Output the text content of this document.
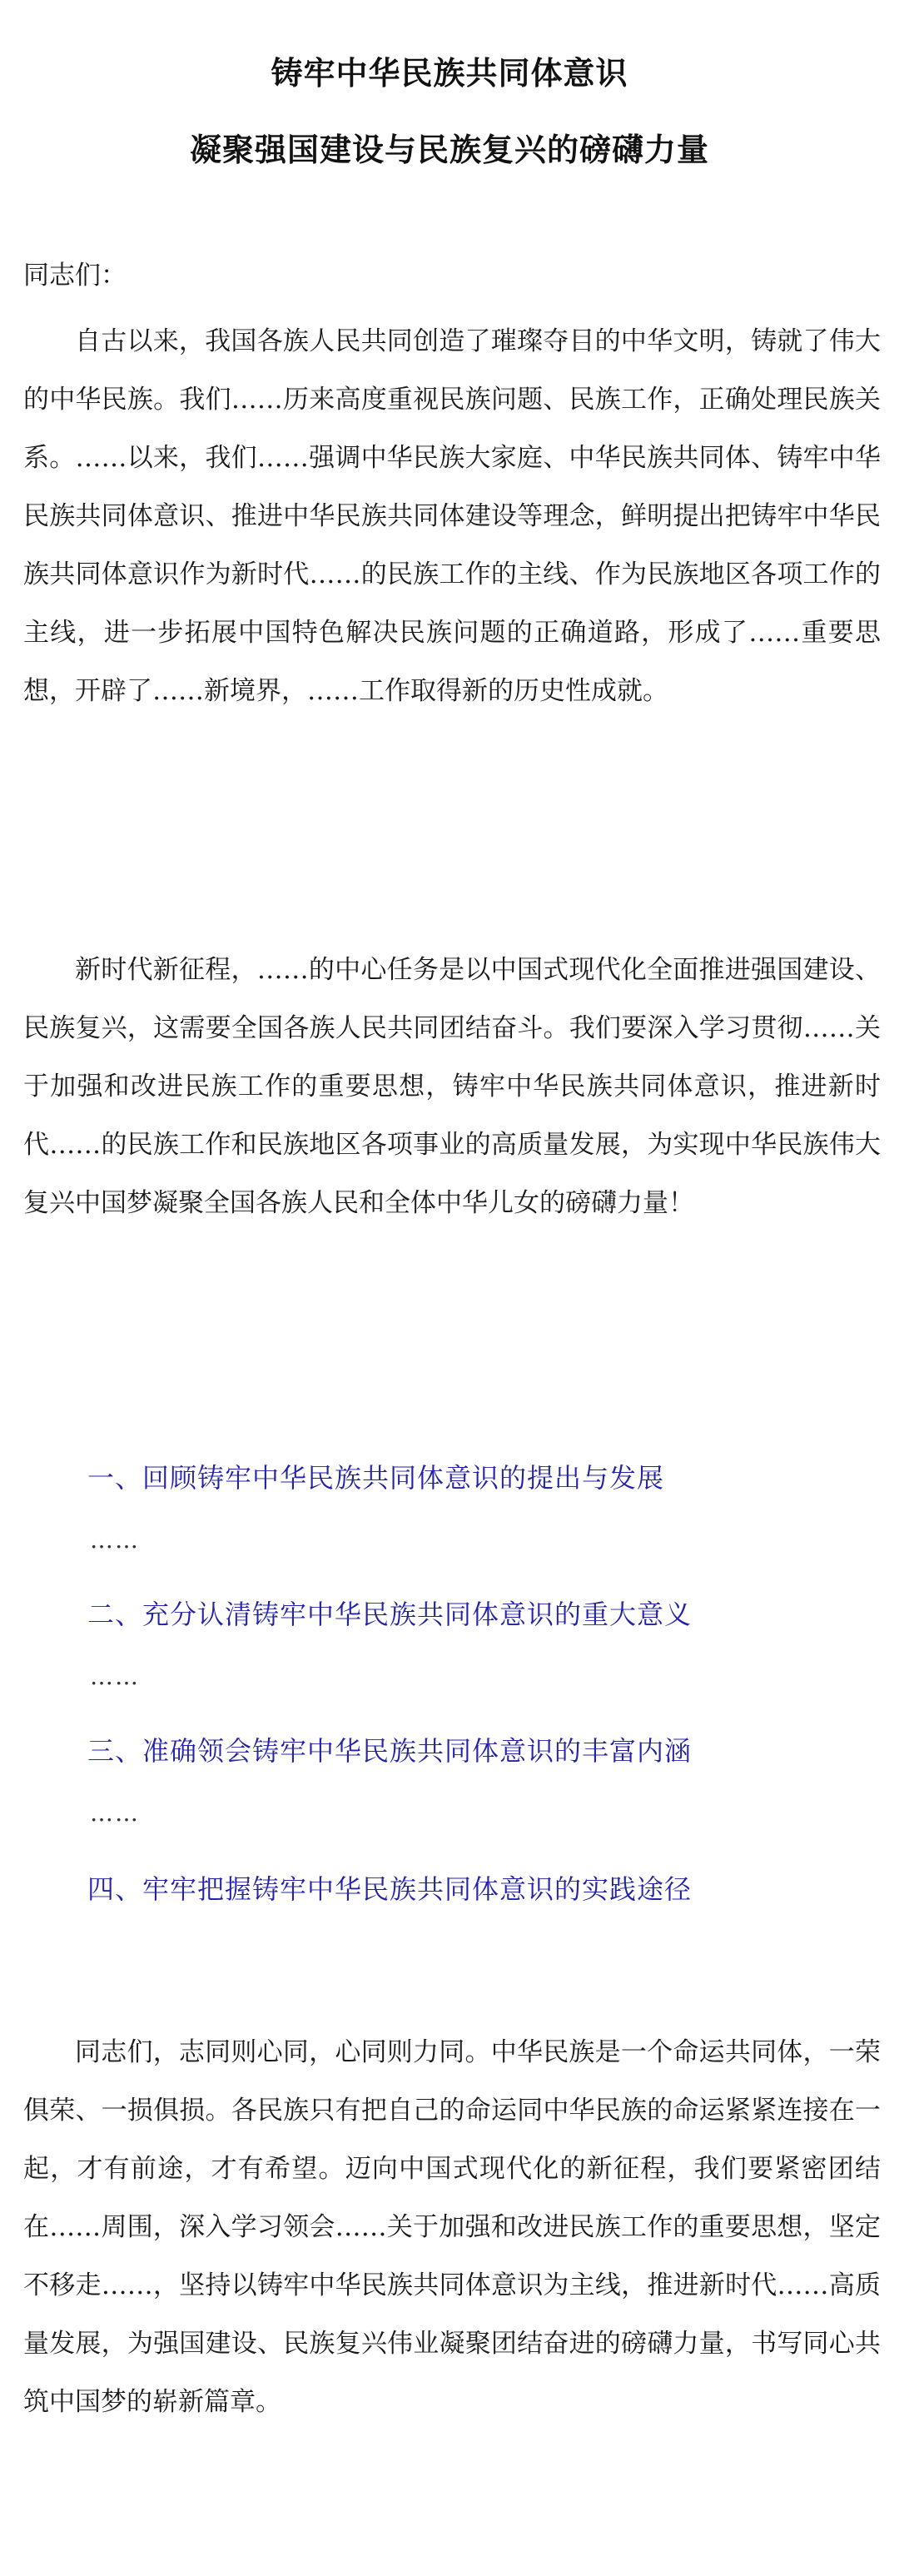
铸牢中华民族共同体意识
凝聚强国建设与民族复兴的磅礴力量
同志们：

自古以来，我国各族人民共同创造了璀璨夺目的中华文明，铸就了伟大的中华民族。我们……历来高度重视民族问题、民族工作，正确处理民族关系。……以来，我们……强调中华民族大家庭、中华民族共同体、铸牢中华民族共同体意识、推进中华民族共同体建设等理念，鲜明提出把铸牢中华民族共同体意识作为新时代……的民族工作的主线、作为民族地区各项工作的主线，进一步拓展中国特色解决民族问题的正确道路，形成了……重要思想，开辟了……新境界，……工作取得新的历史性成就。

新时代新征程，……的中心任务是以中国式现代化全面推进强国建设、民族复兴，这需要全国各族人民共同团结奋斗。我们要深入学习贯彻……关于加强和改进民族工作的重要思想，铸牢中华民族共同体意识，推进新时代……的民族工作和民族地区各项事业的高质量发展，为实现中华民族伟大复兴中国梦凝聚全国各族人民和全体中华儿女的磅礴力量！

一、回顾铸牢中华民族共同体意识的提出与发展
……
二、充分认清铸牢中华民族共同体意识的重大意义
……
三、准确领会铸牢中华民族共同体意识的丰富内涵
……
四、牢牢把握铸牢中华民族共同体意识的实践途径

同志们，志同则心同，心同则力同。中华民族是一个命运共同体，一荣俱荣、一损俱损。各民族只有把自己的命运同中华民族的命运紧紧连接在一起，才有前途，才有希望。迈向中国式现代化的新征程，我们要紧密团结在……周围，深入学习领会……关于加强和改进民族工作的重要思想，坚定不移走……，坚持以铸牢中华民族共同体意识为主线，推进新时代……高质量发展，为强国建设、民族复兴伟业凝聚团结奋进的磅礴力量，书写同心共筑中国梦的崭新篇章。
